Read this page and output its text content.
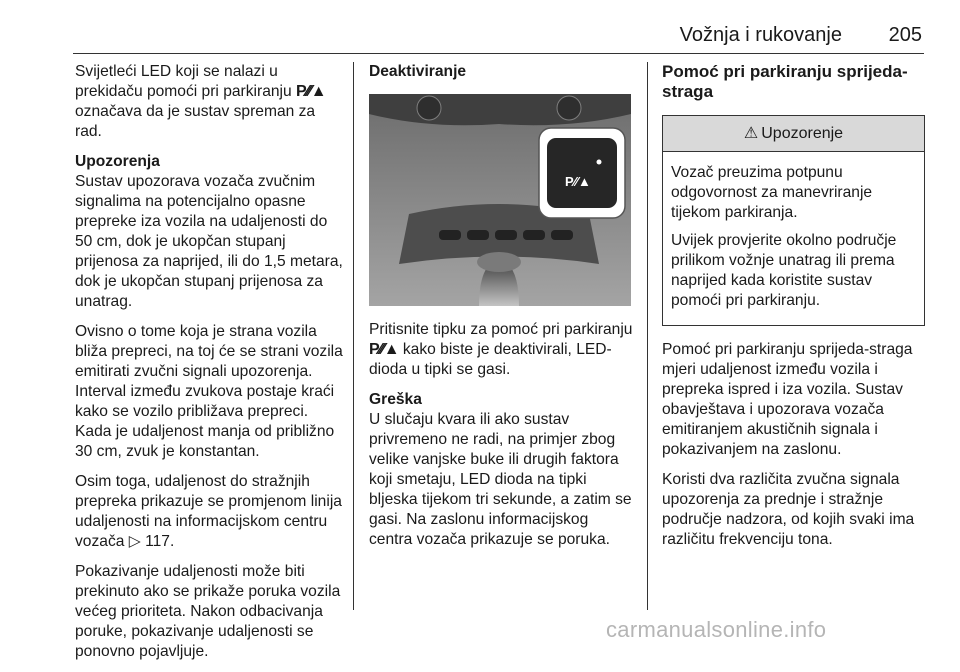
Vožnja i rukovanje 205

Svijetleći LED koji se nalazi u prekidaču pomoći pri parkiranju P⁄⁄⁄▲ označava da je sustav spreman za rad.

Upozorenja

Sustav upozorava vozača zvučnim signalima na potencijalno opasne prepreke iza vozila na udaljenosti do 50 cm, dok je ukopčan stupanj prijenosa za naprijed, ili do 1,5 metara, dok je ukopčan stupanj prijenosa za unatrag.

Ovisno o tome koja je strana vozila bliža prepreci, na toj će se strani vozila emitirati zvučni signali upozorenja. Interval između zvukova postaje kraći kako se vozilo približava prepreci. Kada je udaljenost manja od približno 30 cm, zvuk je konstantan.

Osim toga, udaljenost do stražnjih prepreka prikazuje se promjenom linija udaljenosti na informacijskom centru vozača ▷ 117.

Pokazivanje udaljenosti može biti prekinuto ako se prikaže poruka vozila većeg prioriteta. Nakon odbacivanja poruke, pokazivanje udaljenosti se ponovno pojavljuje.

Deaktiviranje

P⁄⁄▲

Pritisnite tipku za pomoć pri parkiranju P⁄⁄⁄▲ kako biste je deaktivirali, LED-dioda u tipki se gasi.

Greška

U slučaju kvara ili ako sustav privremeno ne radi, na primjer zbog velike vanjske buke ili drugih faktora koji smetaju, LED dioda na tipki bljeska tijekom tri sekunde, a zatim se gasi. Na zaslonu informacijskog centra vozača prikazuje se poruka.

Pomoć pri parkiranju sprijeda-straga
⚠ Upozorenje

Vozač preuzima potpunu odgovornost za manevriranje tijekom parkiranja.

Uvijek provjerite okolno područje prilikom vožnje unatrag ili prema naprijed kada koristite sustav pomoći pri parkiranju.

Pomoć pri parkiranju sprijeda-straga mjeri udaljenost između vozila i prepreka ispred i iza vozila. Sustav obavještava i upozorava vozača emitiranjem akustičnih signala i pokazivanjem na zaslonu.

Koristi dva različita zvučna signala upozorenja za prednje i stražnje područje nadzora, od kojih svaki ima različitu frekvenciju tona.

carmanualsonline.info
